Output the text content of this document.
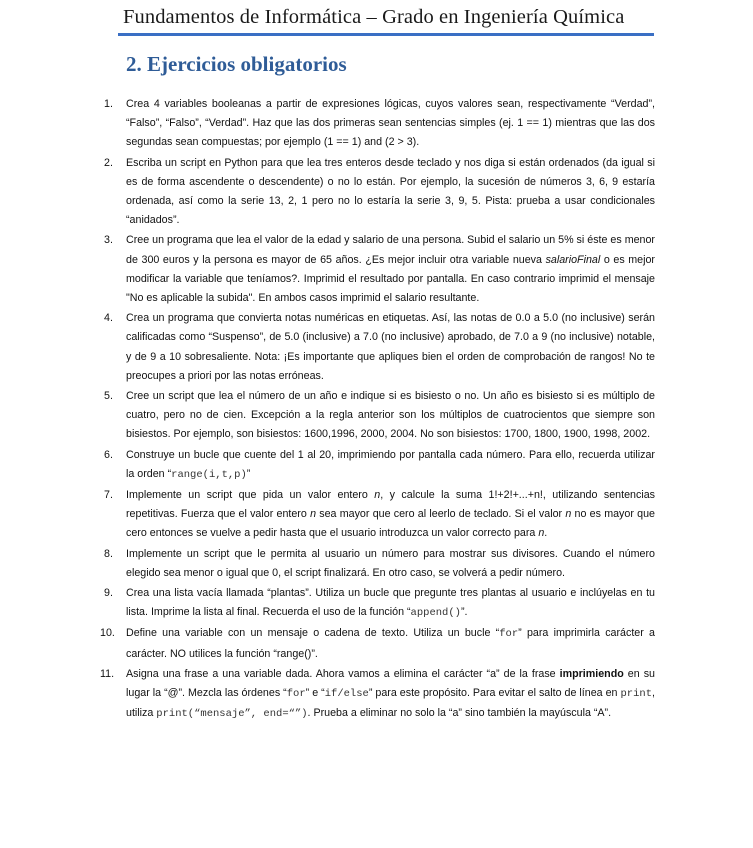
Fundamentos de Informática – Grado en Ingeniería Química
2. Ejercicios obligatorios
1. Crea 4 variables booleanas a partir de expresiones lógicas, cuyos valores sean, respectivamente “Verdad”, “Falso”, “Falso”, “Verdad”. Haz que las dos primeras sean sentencias simples (ej. 1 == 1) mientras que las dos segundas sean compuestas; por ejemplo (1 == 1) and (2 > 3).
2. Escriba un script en Python para que lea tres enteros desde teclado y nos diga si están ordenados (da igual si es de forma ascendente o descendente) o no lo están. Por ejemplo, la sucesión de números 3, 6, 9 estaría ordenada, así como la serie 13, 2, 1 pero no lo estaría la serie 3, 9, 5. Pista: prueba a usar condicionales “anidados”.
3. Cree un programa que lea el valor de la edad y salario de una persona. Subid el salario un 5% si éste es menor de 300 euros y la persona es mayor de 65 años. ¿Es mejor incluir otra variable nueva salarioFinal o es mejor modificar la variable que teníamos?. Imprimid el resultado por pantalla. En caso contrario imprimid el mensaje "No es aplicable la subida". En ambos casos imprimid el salario resultante.
4. Crea un programa que convierta notas numéricas en etiquetas. Así, las notas de 0.0 a 5.0 (no inclusive) serán calificadas como “Suspenso”, de 5.0 (inclusive) a 7.0 (no inclusive) aprobado, de 7.0 a 9 (no inclusive) notable, y de 9 a 10 sobresaliente. Nota: ¡Es importante que apliques bien el orden de comprobación de rangos! No te preocupes a priori por las notas erróneas.
5. Cree un script que lea el número de un año e indique si es bisiesto o no. Un año es bisiesto si es múltiplo de cuatro, pero no de cien. Excepción a la regla anterior son los múltiplos de cuatrocientos que siempre son bisiestos. Por ejemplo, son bisiestos: 1600,1996, 2000, 2004. No son bisiestos: 1700, 1800, 1900, 1998, 2002.
6. Construye un bucle que cuente del 1 al 20, imprimiendo por pantalla cada número. Para ello, recuerda utilizar la orden “range(i,t,p)”
7. Implemente un script que pida un valor entero n, y calcule la suma 1!+2!+...+n!, utilizando sentencias repetitivas. Fuerza que el valor entero n sea mayor que cero al leerlo de teclado. Si el valor n no es mayor que cero entonces se vuelve a pedir hasta que el usuario introduzca un valor correcto para n.
8. Implemente un script que le permita al usuario un número para mostrar sus divisores. Cuando el número elegido sea menor o igual que 0, el script finalizará. En otro caso, se volverá a pedir número.
9. Crea una lista vacía llamada “plantas”. Utiliza un bucle que pregunte tres plantas al usuario e inclúyelas en tu lista. Imprime la lista al final. Recuerda el uso de la función “append()”.
10. Define una variable con un mensaje o cadena de texto. Utiliza un bucle “for” para imprimirla carácter a carácter. NO utilices la función “range()”.
11. Asigna una frase a una variable dada. Ahora vamos a elimina el carácter “a” de la frase imprimiendo en su lugar la “@”. Mezcla las órdenes “for” e “if/else” para este propósito. Para evitar el salto de línea en print, utiliza print(“mensaje”, end=“”). Prueba a eliminar no solo la “a” sino también la mayúscula “A”.
